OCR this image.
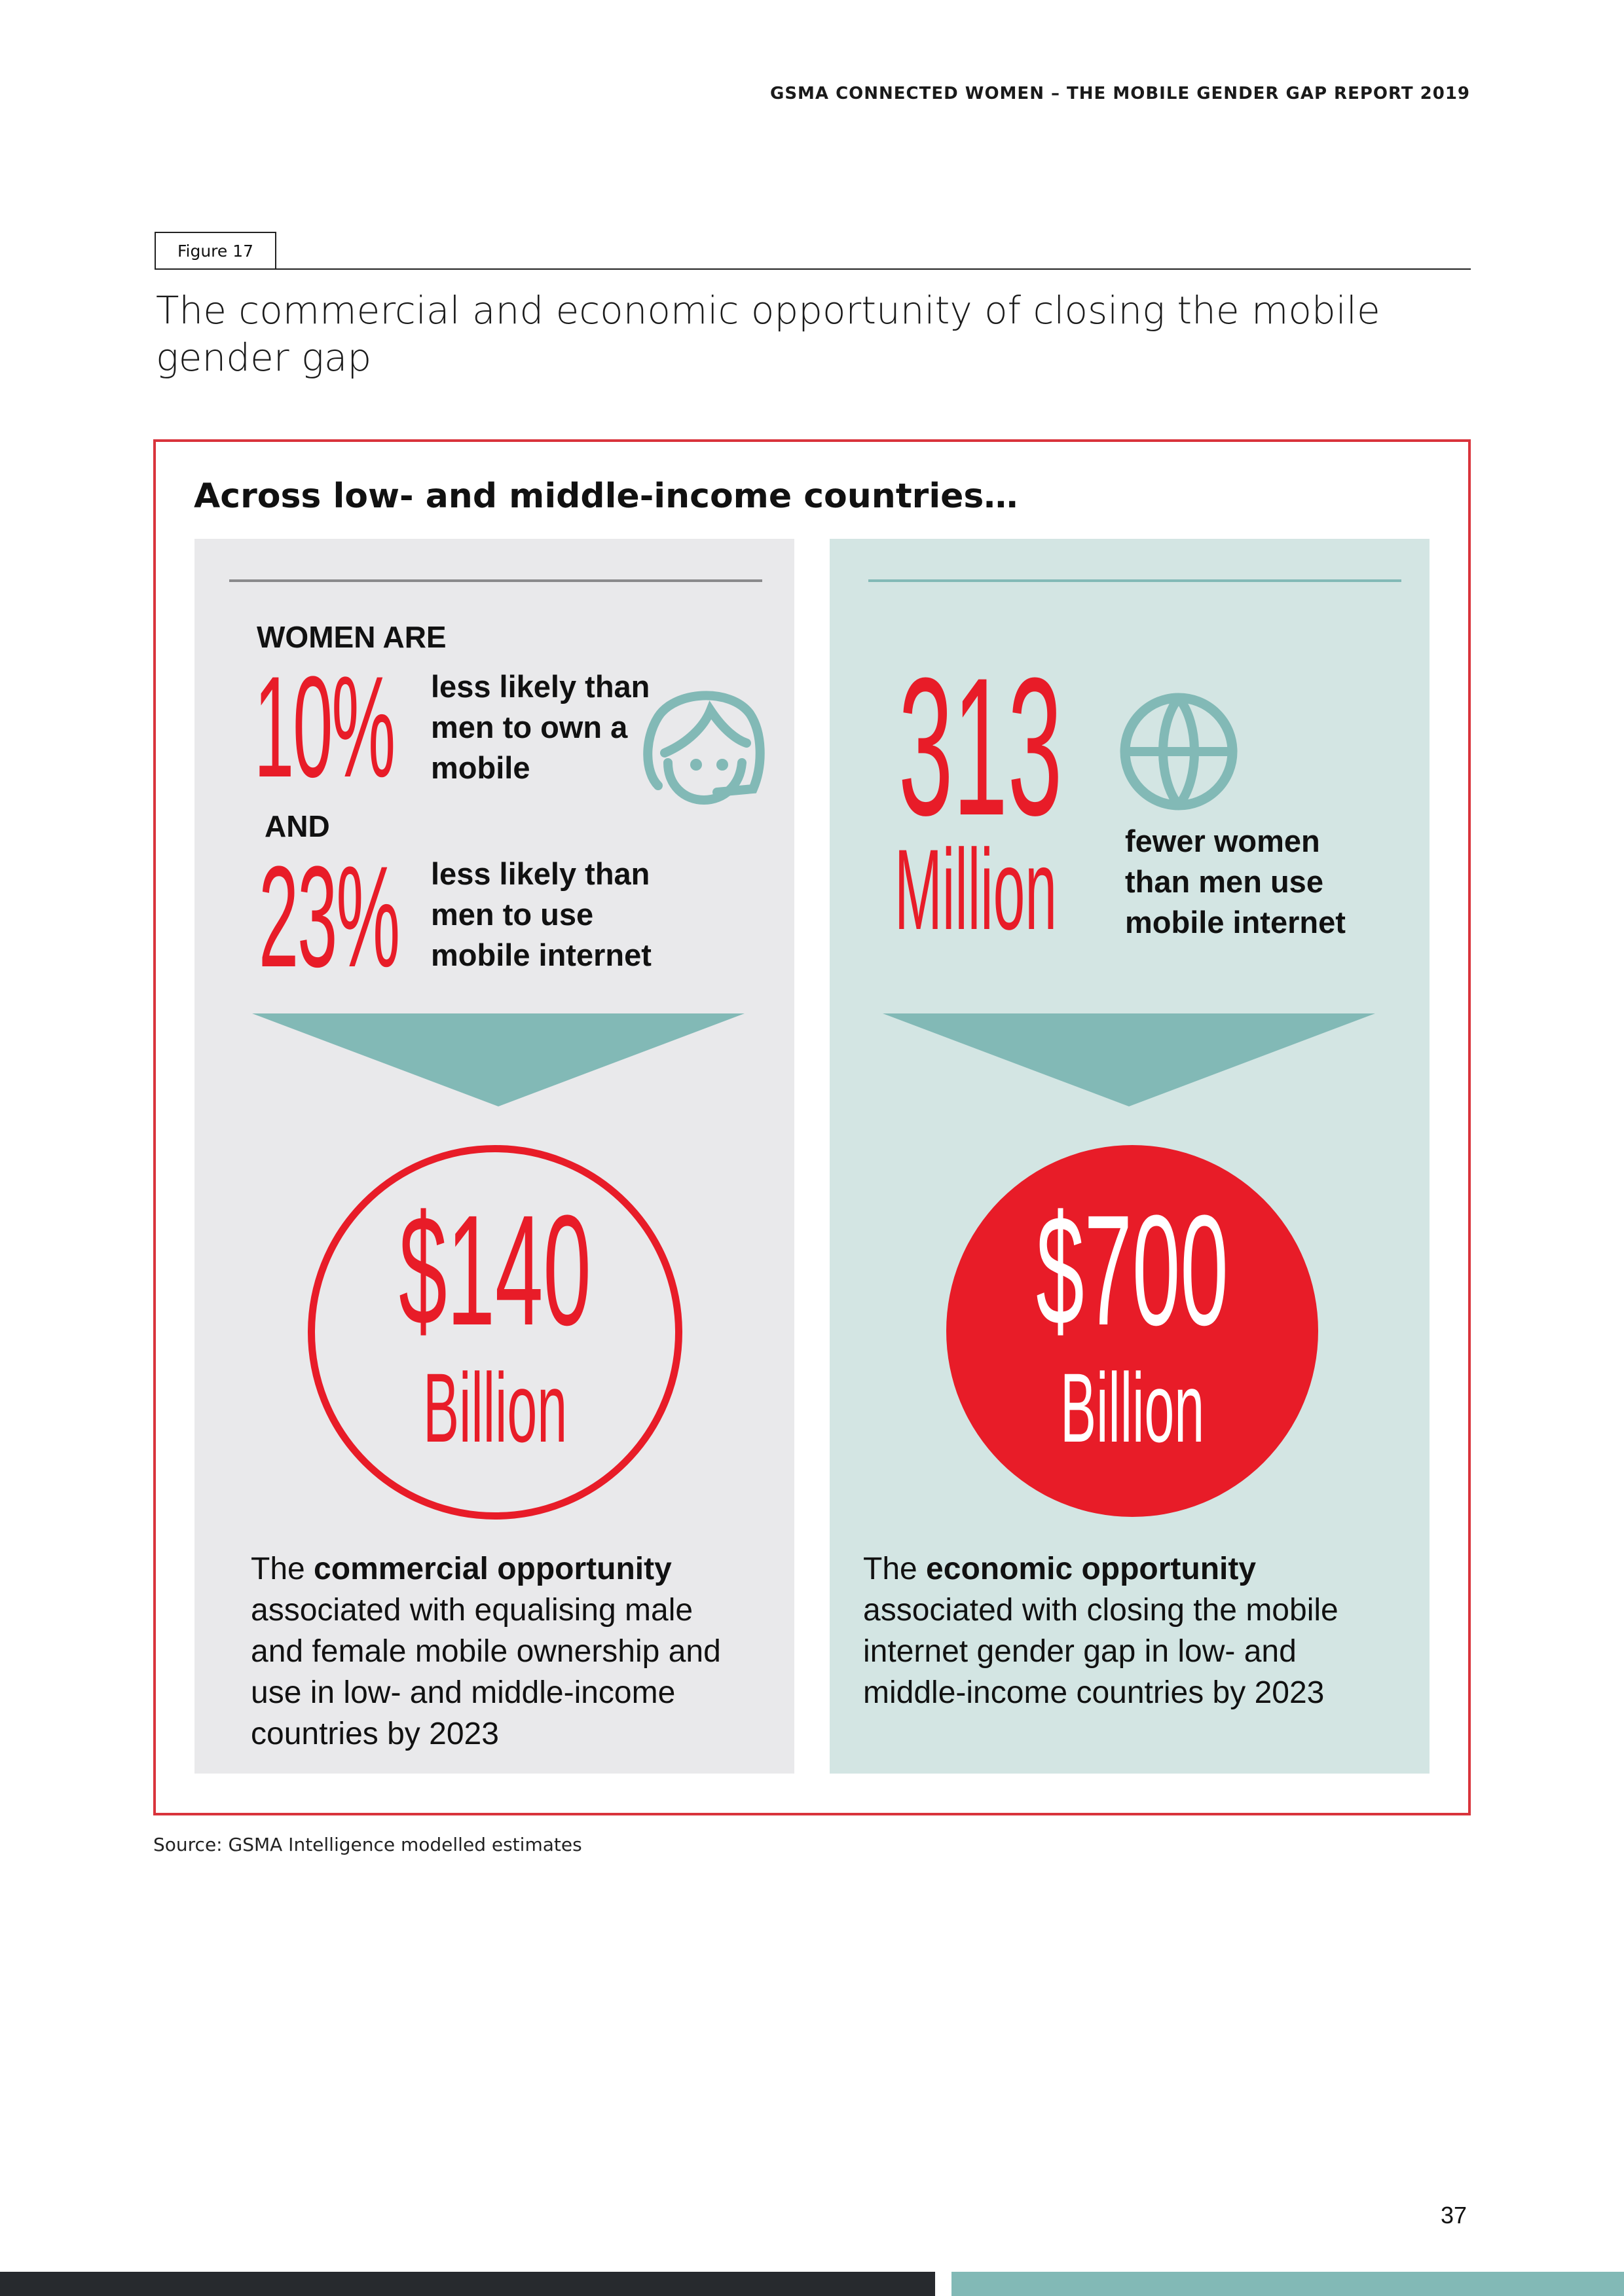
GSMA CONNECTED WOMEN – THE MOBILE GENDER GAP REPORT 2019
Figure 17
The commercial and economic opportunity of closing the mobile gender gap
Across low- and middle-income countries…
WOMEN ARE
10%	less likely than
men to own a
mobile
AND
23%	less likely than
men to use
mobile internet
$140
Billion
The commercial opportunity
associated with equalising male
and female mobile ownership and
use in low- and middle-income
countries by 2023
313
Million	fewer women
than men use
mobile internet
$700
Billion
The economic opportunity
associated with closing the mobile
internet gender gap in low- and
middle-income countries by 2023
Source: GSMA Intelligence modelled estimates
37
